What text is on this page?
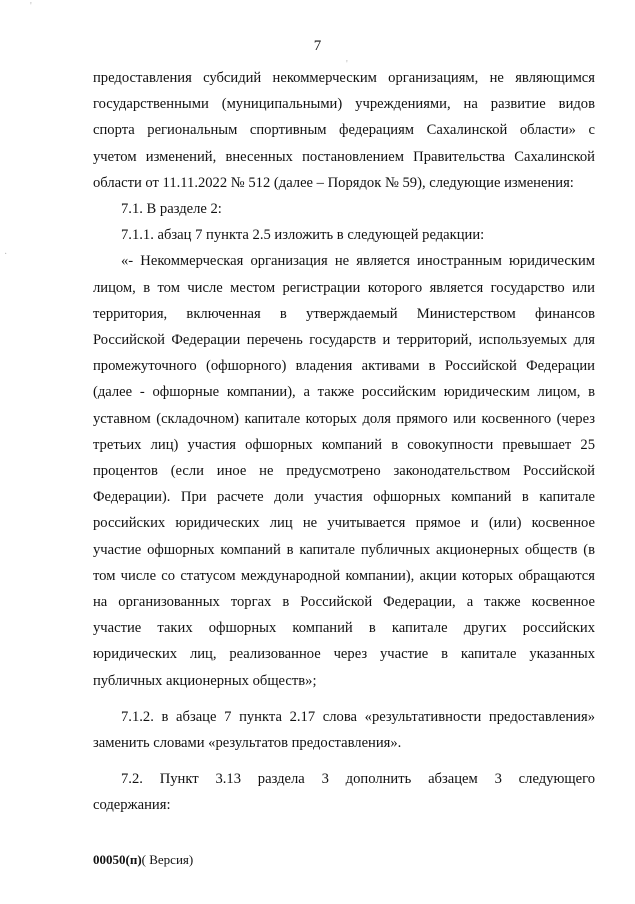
7
предоставления субсидий некоммерческим организациям, не являющимся
государственными (муниципальными) учреждениями, на развитие видов
спорта региональным спортивным федерациям Сахалинской области» с
учетом изменений, внесенных постановлением Правительства Сахалинской
области от 11.11.2022 № 512 (далее – Порядок № 59), следующие изменения:
7.1. В разделе 2:
7.1.1. абзац 7 пункта 2.5 изложить в следующей редакции:
«- Некоммерческая организация не является иностранным юридическим
лицом, в том числе местом регистрации которого является государство или
территория, включенная в утверждаемый Министерством финансов
Российской Федерации перечень государств и территорий, используемых для
промежуточного (офшорного) владения активами в Российской Федерации
(далее - офшорные компании), а также российским юридическим лицом, в
уставном (складочном) капитале которых доля прямого или косвенного (через
третьих лиц) участия офшорных компаний в совокупности превышает 25
процентов (если иное не предусмотрено законодательством Российской
Федерации). При расчете доли участия офшорных компаний в капитале
российских юридических лиц не учитывается прямое и (или) косвенное
участие офшорных компаний в капитале публичных акционерных обществ (в
том числе со статусом международной компании), акции которых обращаются
на организованных торгах в Российской Федерации, а также косвенное
участие таких офшорных компаний в капитале других российских
юридических лиц, реализованное через участие в капитале указанных
публичных акционерных обществ»;
7.1.2. в абзаце 7 пункта 2.17 слова «результативности предоставления»
заменить словами «результатов предоставления».
7.2. Пункт 3.13 раздела 3 дополнить абзацем 3 следующего
содержания:
00050(п)( Версия)
'
·
'
